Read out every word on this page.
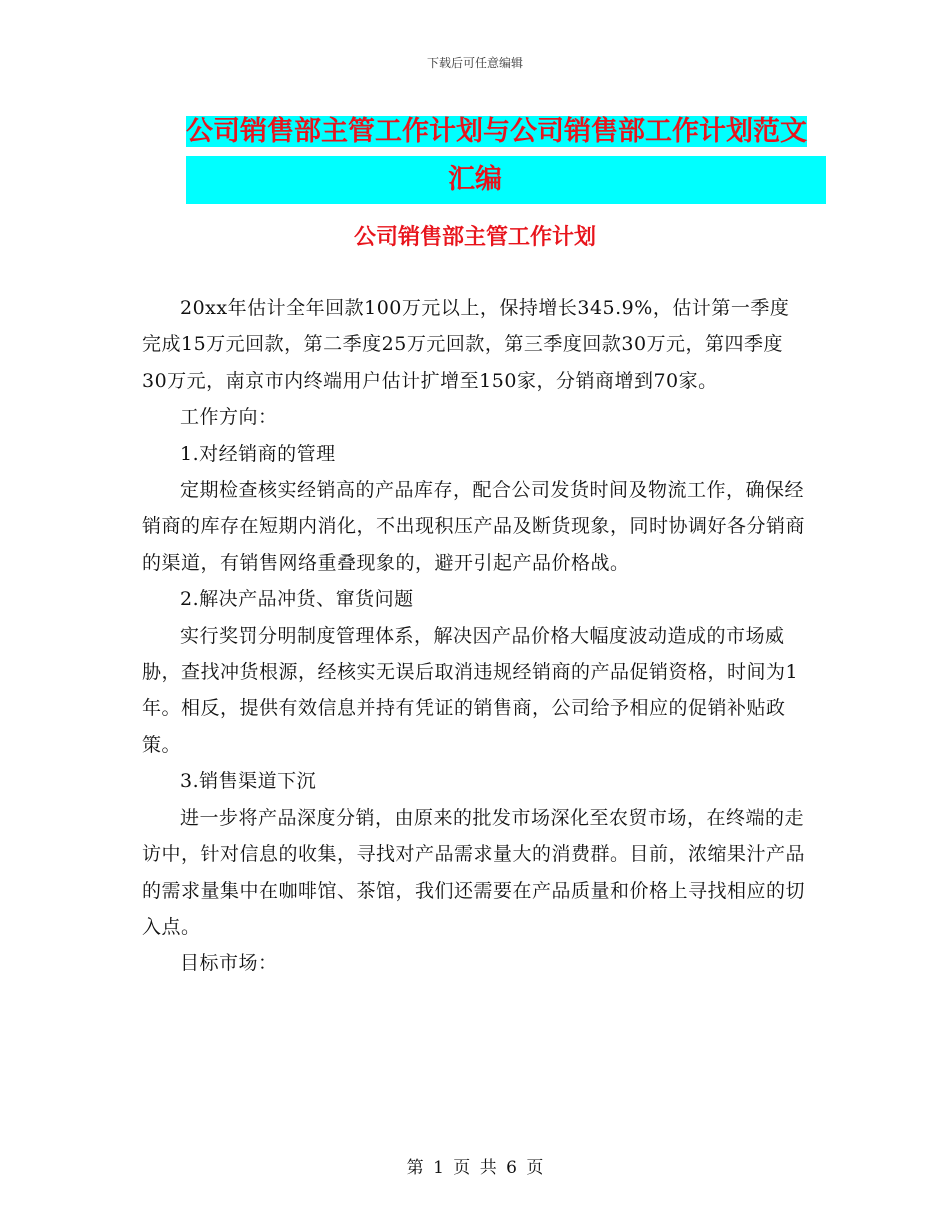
下载后可任意编辑
公司销售部主管工作计划与公司销售部工作计划范文
汇编
公司销售部主管工作计划

20xx年估计全年回款100万元以上，保持增长345.9%，估计第一季度完成15万元回款，第二季度25万元回款，第三季度回款30万元，第四季度30万元，南京市内终端用户估计扩增至150家，分销商增到70家。

工作方向：

1.对经销商的管理

定期检查核实经销高的产品库存，配合公司发货时间及物流工作，确保经销商的库存在短期内消化，不出现积压产品及断货现象，同时协调好各分销商的渠道，有销售网络重叠现象的，避开引起产品价格战。

2.解决产品冲货、窜货问题

实行奖罚分明制度管理体系，解决因产品价格大幅度波动造成的市场威胁，查找冲货根源，经核实无误后取消违规经销商的产品促销资格，时间为1年。相反，提供有效信息并持有凭证的销售商，公司给予相应的促销补贴政策。

3.销售渠道下沉

进一步将产品深度分销，由原来的批发市场深化至农贸市场，在终端的走访中，针对信息的收集，寻找对产品需求量大的消费群。目前，浓缩果汁产品的需求量集中在咖啡馆、茶馆，我们还需要在产品质量和价格上寻找相应的切入点。

目标市场：

第 1 页 共 6 页
